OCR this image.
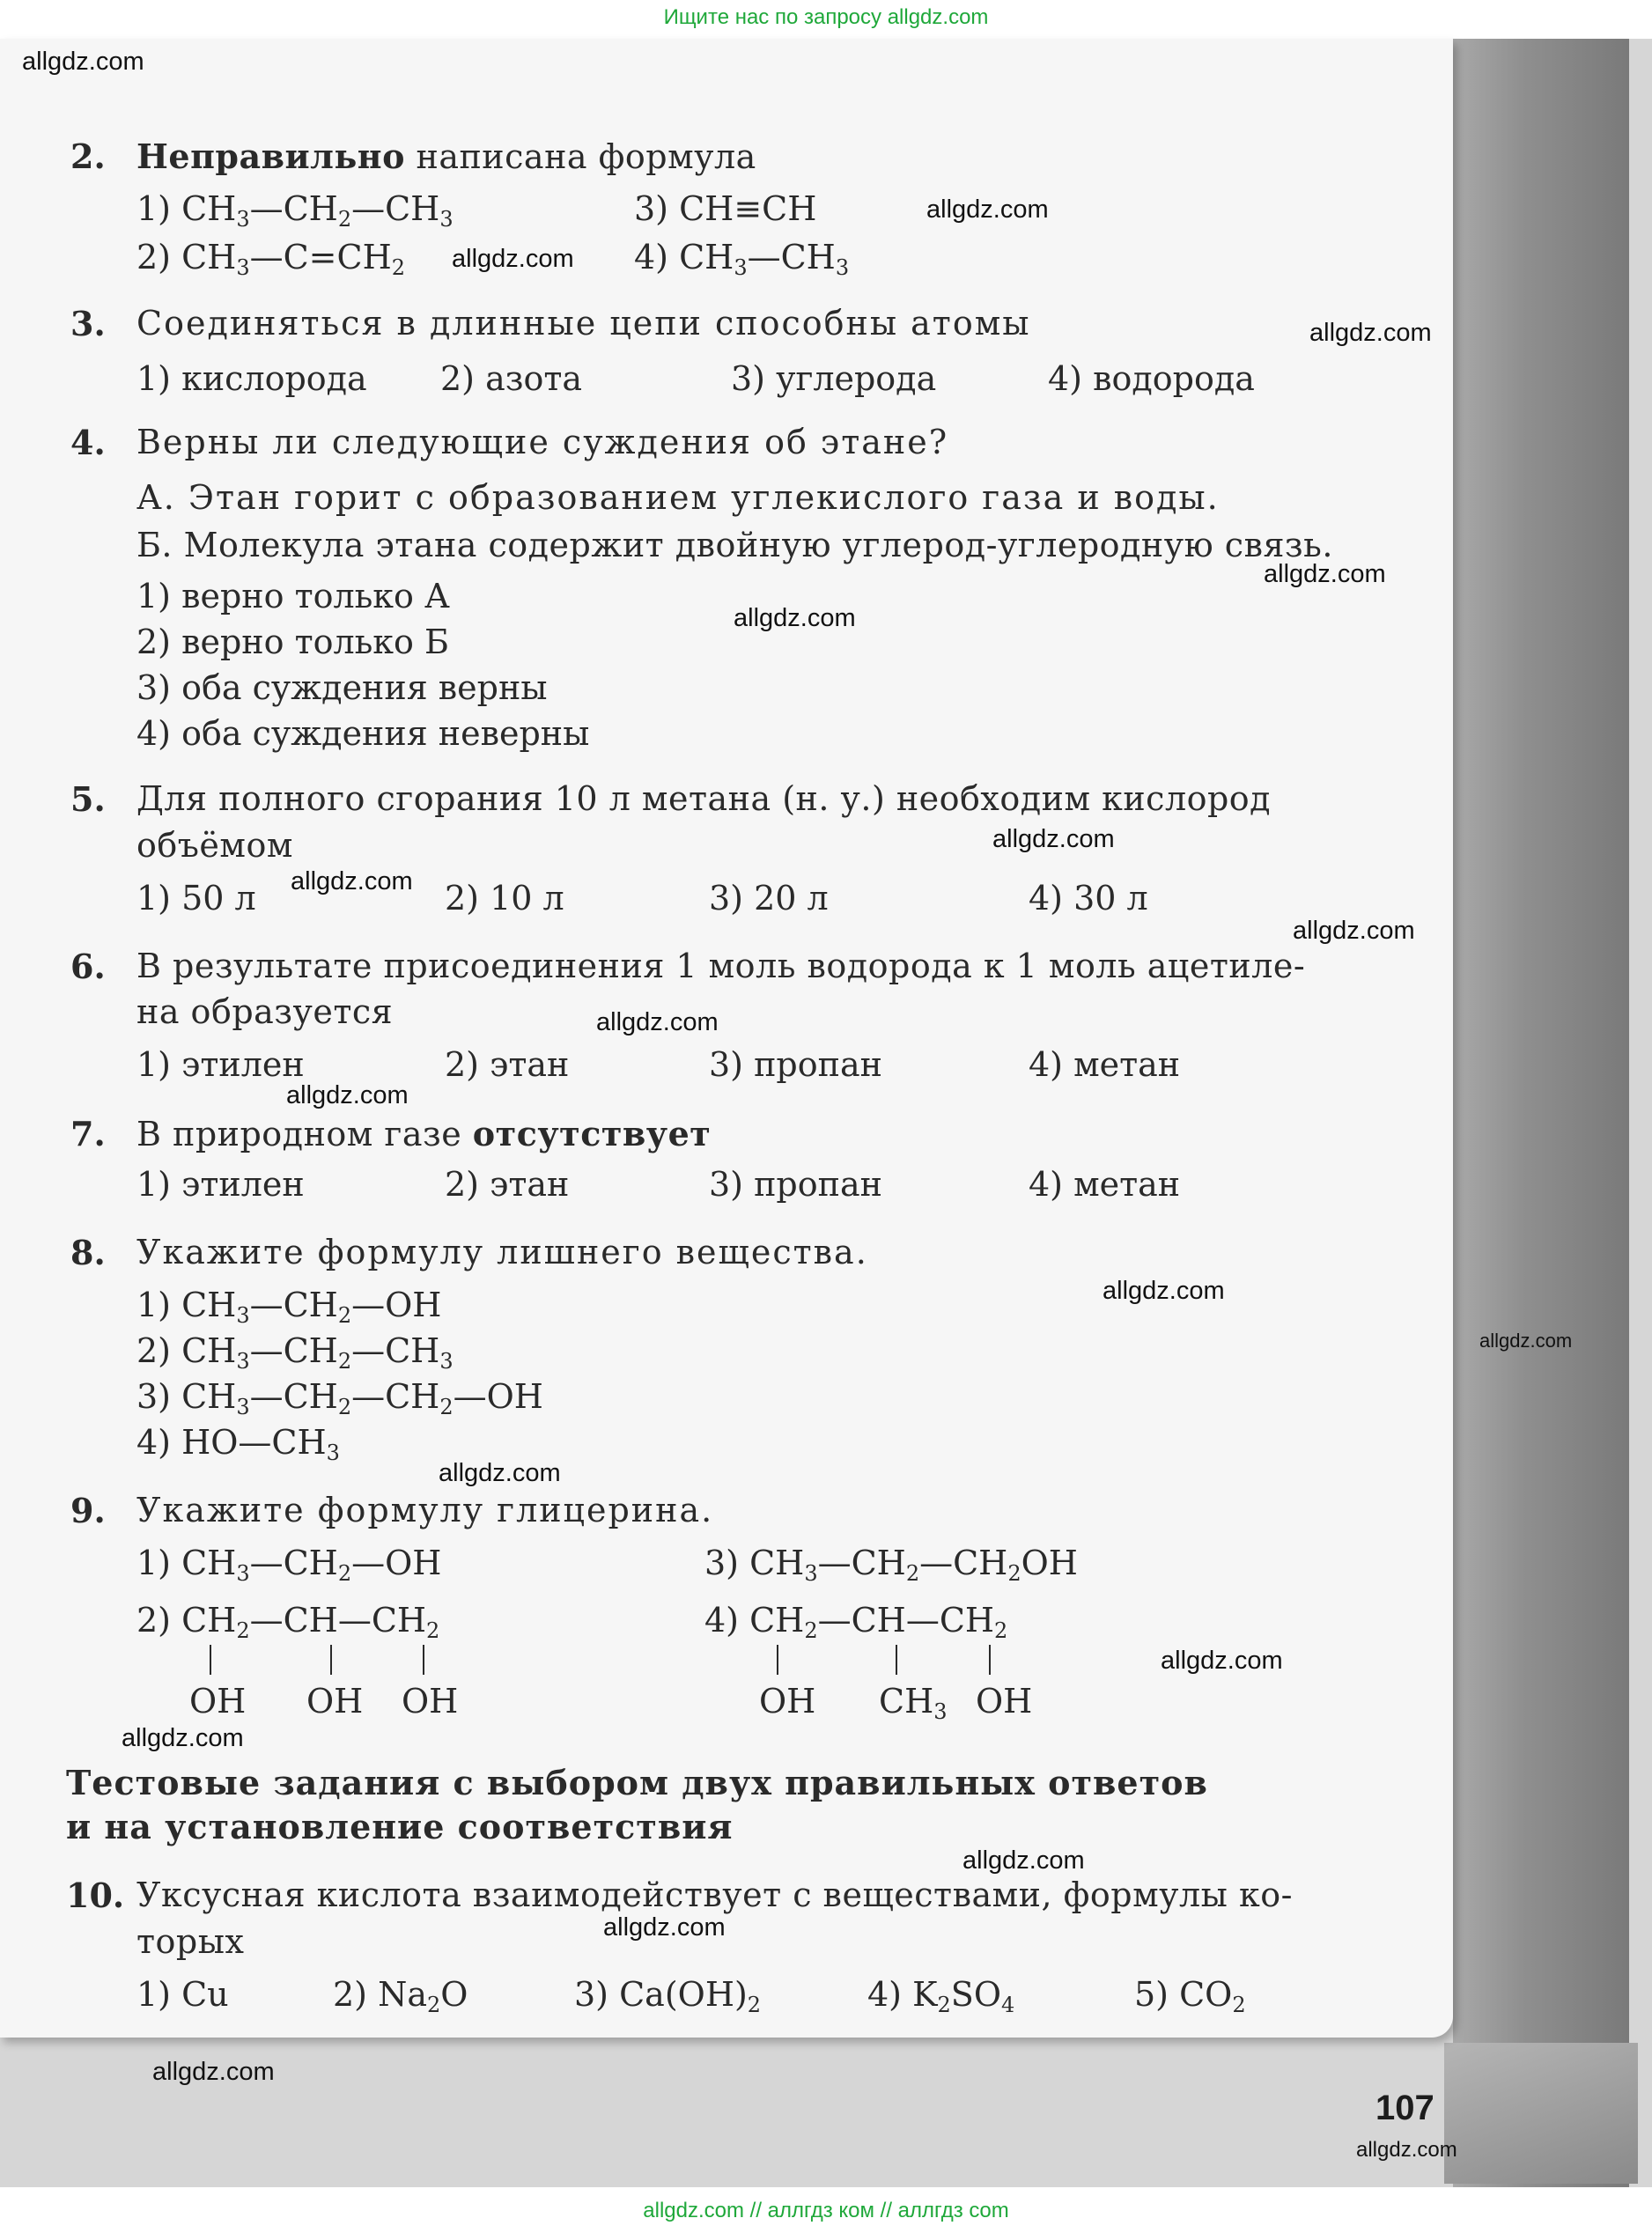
Ищите нас по запросу allgdz.com
2. Неправильно написана формула
1) $CH_3—CH_2—CH_3$	3) CH≡CH
2) $CH_3—C=CH_2$	4) $CH_3—CH_3$
3. Соединяться в длинные цепи способны атомы
1) кислорода 2) азота	3) углерода	4) водорода
4. Верны ли следующие суждения об этане?
А. Этан горит с образованием углекислого газа и воды.
Б. Молекула этана содержит двойную углерод-углеродную связь.
1) верно только А
2) верно только Б
3) оба суждения верны
4) оба суждения неверны
5. Для полного сгорания 10 л метана (н. у.) необходим кислород
объёмом
1) 50 л	2) 10 л	3) 20 л	4) 30 л
6. В результате присоединения 1 моль водорода к 1 моль ацетиле-
на образуется
1) этилен	2) этан	3) пропан	4) метан
7. В природном газе отсутствует
1) этилен	2) этан	3) пропан	4) метан
8. Укажите формулу лишнего вещества.
1) $CH_3—CH_2—OH$
2) $CH_3—CH_2—CH_3$
3) $CH_3—CH_2—CH_2—OH$
4) $HO—CH_3$
9. Укажите формулу глицерина.
1) $CH_3—CH_2—OH$	3) $CH_3—CH_2—CH_2OH$
2) $CH_2—CH—CH_2$	4) $CH_2—CH—CH_2$
OH OH OH	OH $CH_3$ OH
Тестовые задания с выбором двух правильных ответов
и на установление соответствия
10. Уксусная кислота взаимодействует с веществами, формулы ко-
торых
1) Cu	2) $Na_2O$	3) $Ca(OH)_2$	4) $K_2SO_4$	5) $CO_2$
107
allgdz.com
allgdz.com
allgdz.com
allgdz.com
allgdz.com
allgdz.com
allgdz.com
allgdz.com
allgdz.com
allgdz.com
allgdz.com
allgdz.com
allgdz.com
allgdz.com
allgdz.com
allgdz.com
allgdz.com
allgdz.com
allgdz.com
allgdz.com
allgdz.com // аллгдз ком // аллгдз com
